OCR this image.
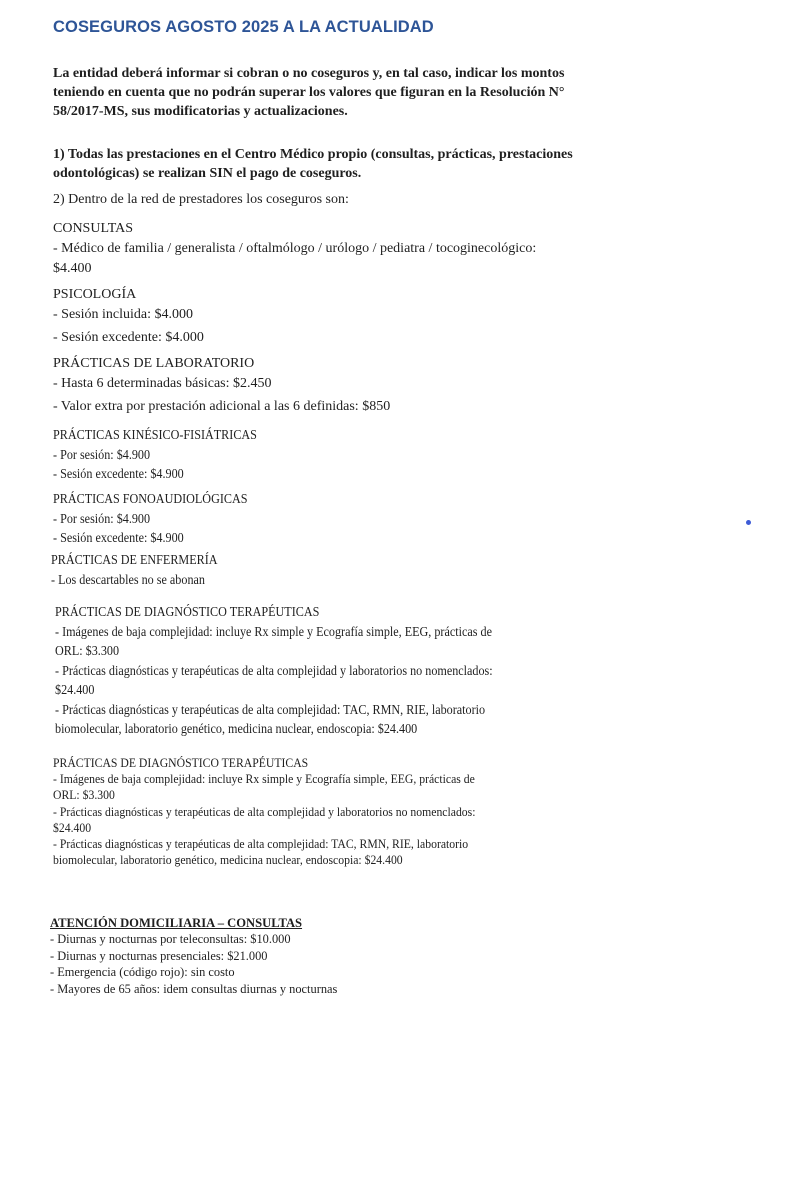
COSEGUROS AGOSTO 2025 A LA ACTUALIDAD
La entidad deberá informar si cobran o no coseguros y, en tal caso, indicar los montos
teniendo en cuenta que no podrán superar los valores que figuran en la Resolución N°
58/2017-MS, sus modificatorias y actualizaciones.
1) Todas las prestaciones en el Centro Médico propio (consultas, prácticas, prestaciones
odontológicas) se realizan SIN el pago de coseguros.
2) Dentro de la red de prestadores los coseguros son:
CONSULTAS
- Médico de familia / generalista / oftalmólogo / urólogo / pediatra / tocoginecológico:
$4.400
PSICOLOGÍA
- Sesión incluida: $4.000
- Sesión excedente: $4.000
PRÁCTICAS DE LABORATORIO
- Hasta 6 determinadas básicas: $2.450
- Valor extra por prestación adicional a las 6 definidas: $850
PRÁCTICAS KINÉSICO-FISIÁTRICAS
- Por sesión: $4.900
- Sesión excedente: $4.900
PRÁCTICAS FONOAUDIOLÓGICAS
- Por sesión: $4.900
- Sesión excedente: $4.900
PRÁCTICAS DE ENFERMERÍA
- Los descartables no se abonan
PRÁCTICAS DE DIAGNÓSTICO TERAPÉUTICAS
- Imágenes de baja complejidad: incluye Rx simple y Ecografía simple, EEG, prácticas de
ORL: $3.300
- Prácticas diagnósticas y terapéuticas de alta complejidad y laboratorios no nomenclados:
$24.400
- Prácticas diagnósticas y terapéuticas de alta complejidad: TAC, RMN, RIE, laboratorio
biomolecular, laboratorio genético, medicina nuclear, endoscopia: $24.400
PRÁCTICAS DE DIAGNÓSTICO TERAPÉUTICAS
- Imágenes de baja complejidad: incluye Rx simple y Ecografía simple, EEG, prácticas de
ORL: $3.300
- Prácticas diagnósticas y terapéuticas de alta complejidad y laboratorios no nomenclados:
$24.400
- Prácticas diagnósticas y terapéuticas de alta complejidad: TAC, RMN, RIE, laboratorio
biomolecular, laboratorio genético, medicina nuclear, endoscopia: $24.400
ATENCIÓN DOMICILIARIA – CONSULTAS
- Diurnas y nocturnas por teleconsultas: $10.000
- Diurnas y nocturnas presenciales: $21.000
- Emergencia (código rojo): sin costo
- Mayores de 65 años: idem consultas diurnas y nocturnas
